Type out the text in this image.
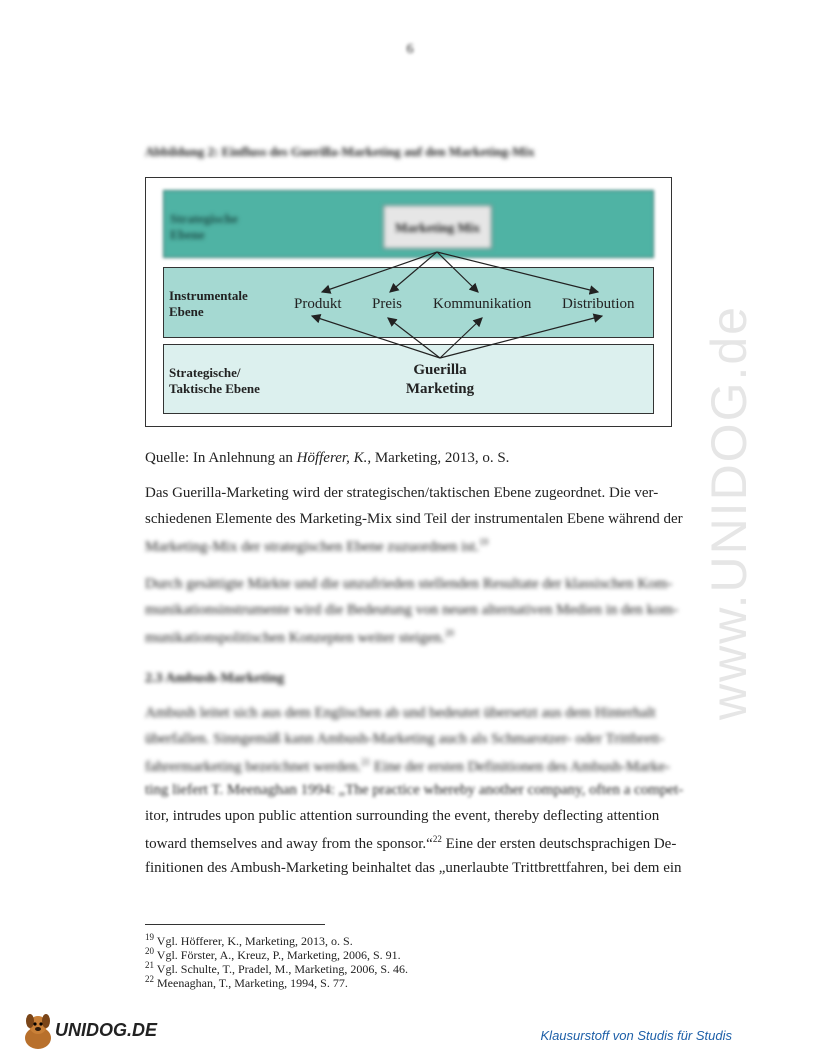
6
www.UNIDOG.de
Abbildung 2: Einfluss des Guerilla-Marketing auf den Marketing-Mix
Strategische
Ebene	Marketing Mix
Instrumentale
Ebene	Produkt Preis Kommunikation Distribution
Strategische/
Taktische Ebene
Guerilla
Marketing
Quelle: In Anlehnung an Höfferer, K., Marketing, 2013, o. S.
Das Guerilla-Marketing wird der strategischen/taktischen Ebene zugeordnet. Die ver-
schiedenen Elemente des Marketing-Mix sind Teil der instrumentalen Ebene während der
Marketing-Mix der strategischen Ebene zuzuordnen ist.$^{19}$
Durch gesättigte Märkte und die unzufrieden stellenden Resultate der klassischen Kom-
munikationsinstrumente wird die Bedeutung von neuen alternativen Medien in den kom-
munikationspolitischen Konzepten weiter steigen.$^{20}$
2.3 Ambush-Marketing
Ambush leitet sich aus dem Englischen ab und bedeutet übersetzt aus dem Hinterhalt
überfallen. Sinngemäß kann Ambush-Marketing auch als Schmarotzer- oder Trittbrett-
fahrermarketing bezeichnet werden.$^{21}$ Eine der ersten Definitionen des Ambush-Marke-
ting liefert T. Meenaghan 1994: „The practice whereby another company, often a compet-
itor, intrudes upon public attention surrounding the event, thereby deflecting attention
toward themselves and away from the sponsor.“$^{22}$ Eine der ersten deutschsprachigen De-
finitionen des Ambush-Marketing beinhaltet das „unerlaubte Trittbrettfahren, bei dem ein
$^{19}$ Vgl. Höfferer, K., Marketing, 2013, o. S.
$^{20}$ Vgl. Förster, A., Kreuz, P., Marketing, 2006, S. 91.
$^{21}$ Vgl. Schulte, T., Pradel, M., Marketing, 2006, S. 46.
$^{22}$ Meenaghan, T., Marketing, 1994, S. 77.
UNIDOG.DE	Klausurstoff von Studis für Studis
